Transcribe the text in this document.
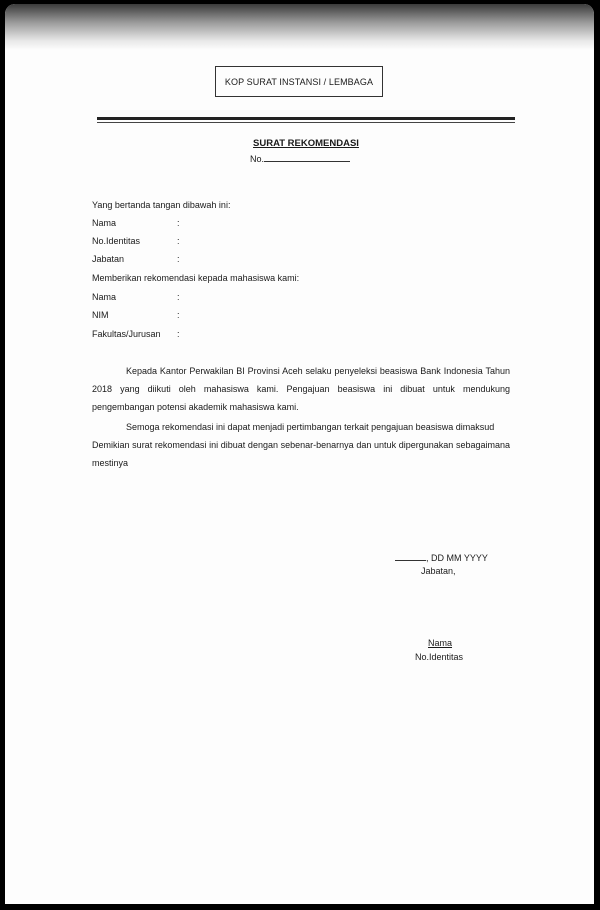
KOP SURAT INSTANSI / LEMBAGA
SURAT REKOMENDASI
No.
Yang bertanda tangan dibawah ini:
Nama	:
No.Identitas	:
Jabatan	:
Memberikan rekomendasi kepada mahasiswa kami:
Nama	:
NIM	:
Fakultas/Jurusan :
Kepada Kantor Perwakilan BI Provinsi Aceh selaku penyeleksi beasiswa Bank Indonesia Tahun 2018 yang diikuti oleh mahasiswa kami. Pengajuan beasiswa ini dibuat untuk mendukung pengembangan potensi akademik mahasiswa kami.
Semoga rekomendasi ini dapat menjadi pertimbangan terkait pengajuan beasiswa dimaksud
Demikian surat rekomendasi ini dibuat dengan sebenar-benarnya dan untuk dipergunakan sebagaimana mestinya
, DD MM YYYY
Jabatan,
Nama
No.Identitas
